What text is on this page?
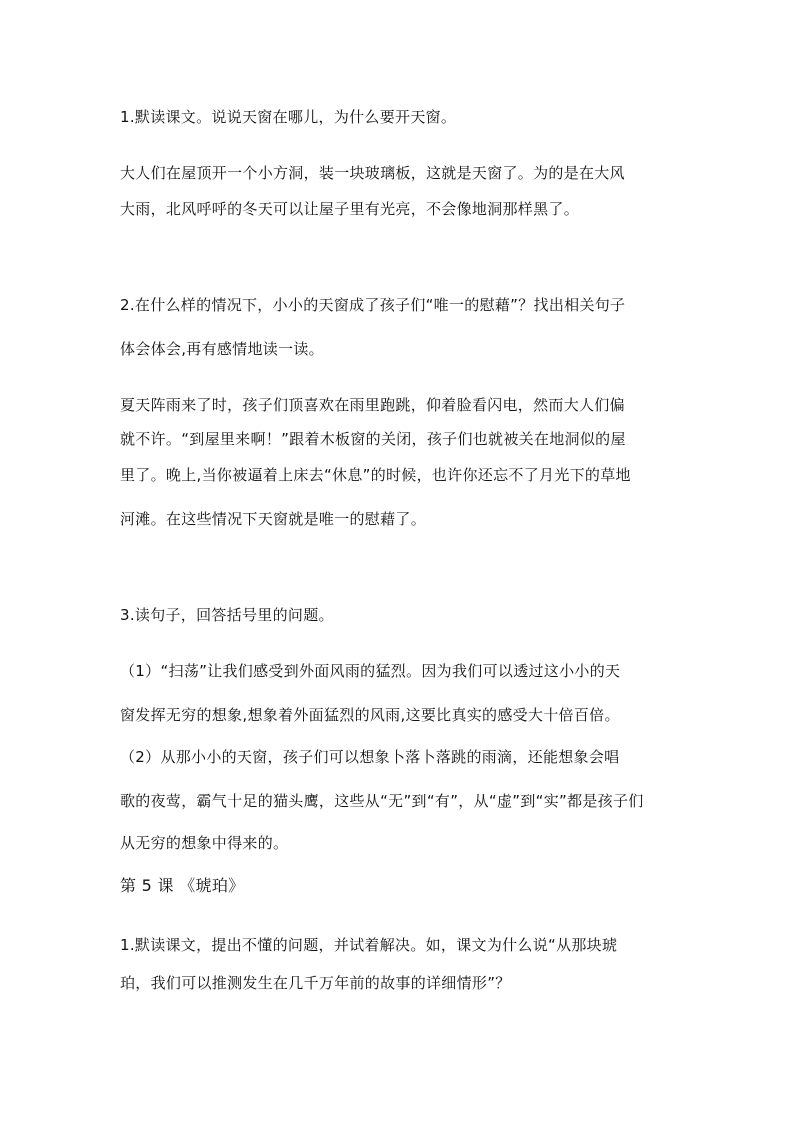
1.默读课文。说说天窗在哪儿，为什么要开天窗。

大人们在屋顶开一个小方洞，装一块玻璃板，这就是天窗了。为的是在大风

大雨，北风呼呼的冬天可以让屋子里有光亮，不会像地洞那样黑了。

2.在什么样的情况下，小小的天窗成了孩子们“唯一的慰藉”？找出相关句子

体会体会,再有感情地读一读。

夏天阵雨来了时，孩子们顶喜欢在雨里跑跳，仰着脸看闪电，然而大人们偏

就不许。“到屋里来啊！”跟着木板窗的关闭，孩子们也就被关在地洞似的屋

里了。晚上,当你被逼着上床去“休息”的时候，也许你还忘不了月光下的草地

河滩。在这些情况下天窗就是唯一的慰藉了。

3.读句子，回答括号里的问题。

（1）“扫荡”让我们感受到外面风雨的猛烈。因为我们可以透过这小小的天

窗发挥无穷的想象,想象着外面猛烈的风雨,这要比真实的感受大十倍百倍。

（2）从那小小的天窗，孩子们可以想象卜落卜落跳的雨滴，还能想象会唱

歌的夜莺，霸气十足的猫头鹰，这些从“无”到“有”，从“虚”到“实”都是孩子们

从无穷的想象中得来的。

第 5 课 《琥珀》

1.默读课文，提出不懂的问题，并试着解决。如，课文为什么说“从那块琥

珀，我们可以推测发生在几千万年前的故事的详细情形”？
